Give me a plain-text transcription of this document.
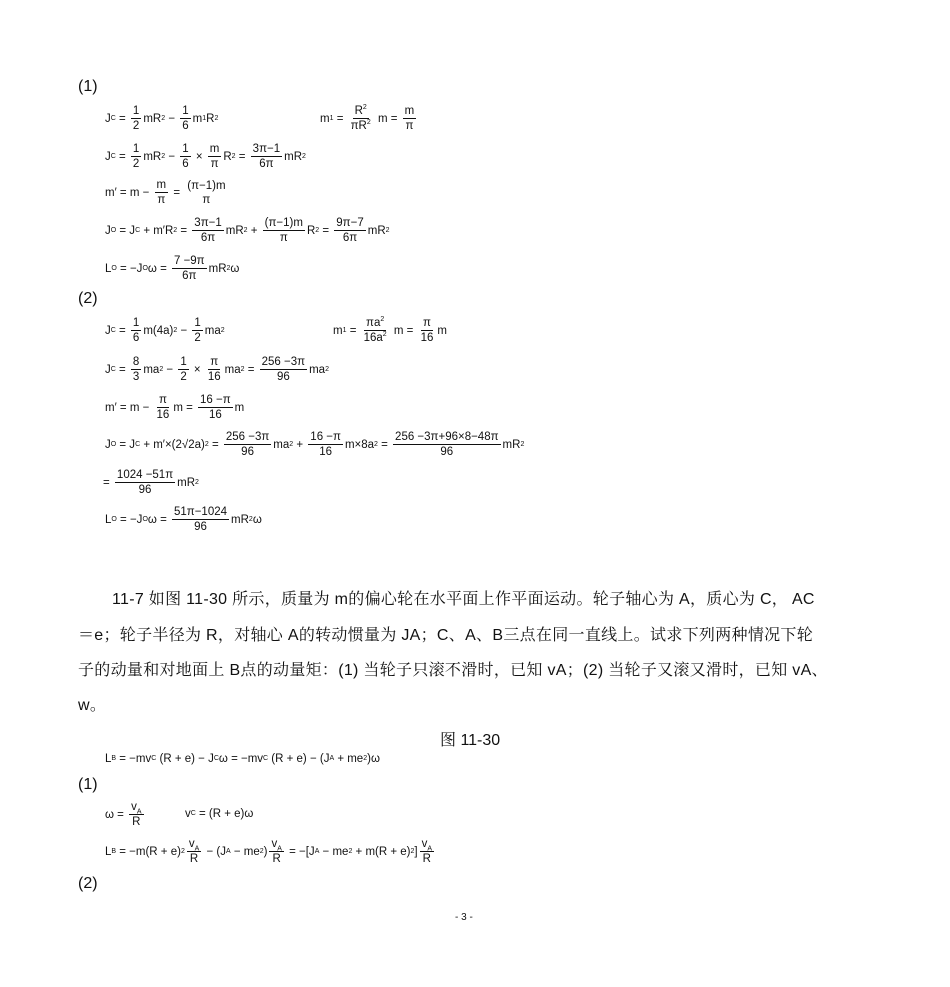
(1)
J $C = \frac{1}{2}$ mR $2 - \frac{1}{6}$ m 1 R 2	m $1 = \frac{R^2}{\pi R^2}$ $m = \frac{m}{\pi}$
J $C = \frac{1}{2}$ mR $2 - \frac{1}{6} \times \frac{m}{\pi}$ R $2 = \frac{3\pi-1}{6\pi}$ mR 2
$m' = m - \frac{m}{\pi}$ =
(π−1)m
π
J O = J C + m′R $2 = \frac{3\pi-1}{6\pi}$ mR $2 + \frac{(\pi-1)m}{\pi}$ R $2 = \frac{9\pi-7}{6\pi}$ mR 2
L O = −J O $\omega = \frac{7 -9\pi}{6\pi}$ mR 2 ω
(2)
J $C = \frac{1}{6} m(4a) 2 - \frac{1}{2}$ ma 2	m $1 = \frac{\pi a^2}{16a^2}$ $m = \frac{\pi}{16}$ m
J $C = \frac{8}{3}$ ma $2 - \frac{1}{2} \times \frac{\pi}{16}$ ma $2 = \frac{256 -3\pi}{96}$ ma 2
$m' = m - \frac{\pi}{16}$ $m = \frac{16 -\pi}{16}$ m
J O = J C + m′×(2√2a) $2 = \frac{256 -3\pi}{96}$ ma $2 + \frac{16 -\pi}{16} m\times 8a$ $2 = \frac{256 -3\pi+96\times 8-48\pi}{96}$ mR 2
= $\frac{1024 -51\pi}{96}$ mR 2
L O = −J O $\omega = \frac{51\pi-1024}{96}$ mR 2 ω
11-7 如图 11-30 所示，质量为 m的偏心轮在水平面上作平面运动。轮子轴心为 A，质心为 C， AC
＝e；轮子半径为 R，对轴心 A的转动惯量为 JA；C、A、B三点在同一直线上。试求下列两种情况下轮
子的动量和对地面上 B点的动量矩：(1) 当轮子只滚不滑时，已知 vA；(2) 当轮子又滚又滑时，已知 vA、
w。
图 11-30
L B = −mv C (R + e) − J C ω = −mv C (R + e) − (J A + me 2 )ω
(1)
$\omega = \frac{v_A}{R}$	v C = (R + e)ω
L B = −m(R + e) $2 \frac{v_A}{R} - (J$ A − me 2 ) $\frac{v_A}{R} = -[J$ A − me 2 + m(R + e) 2 ] $\frac{v_A}{R}$
(2)
- 3 -
